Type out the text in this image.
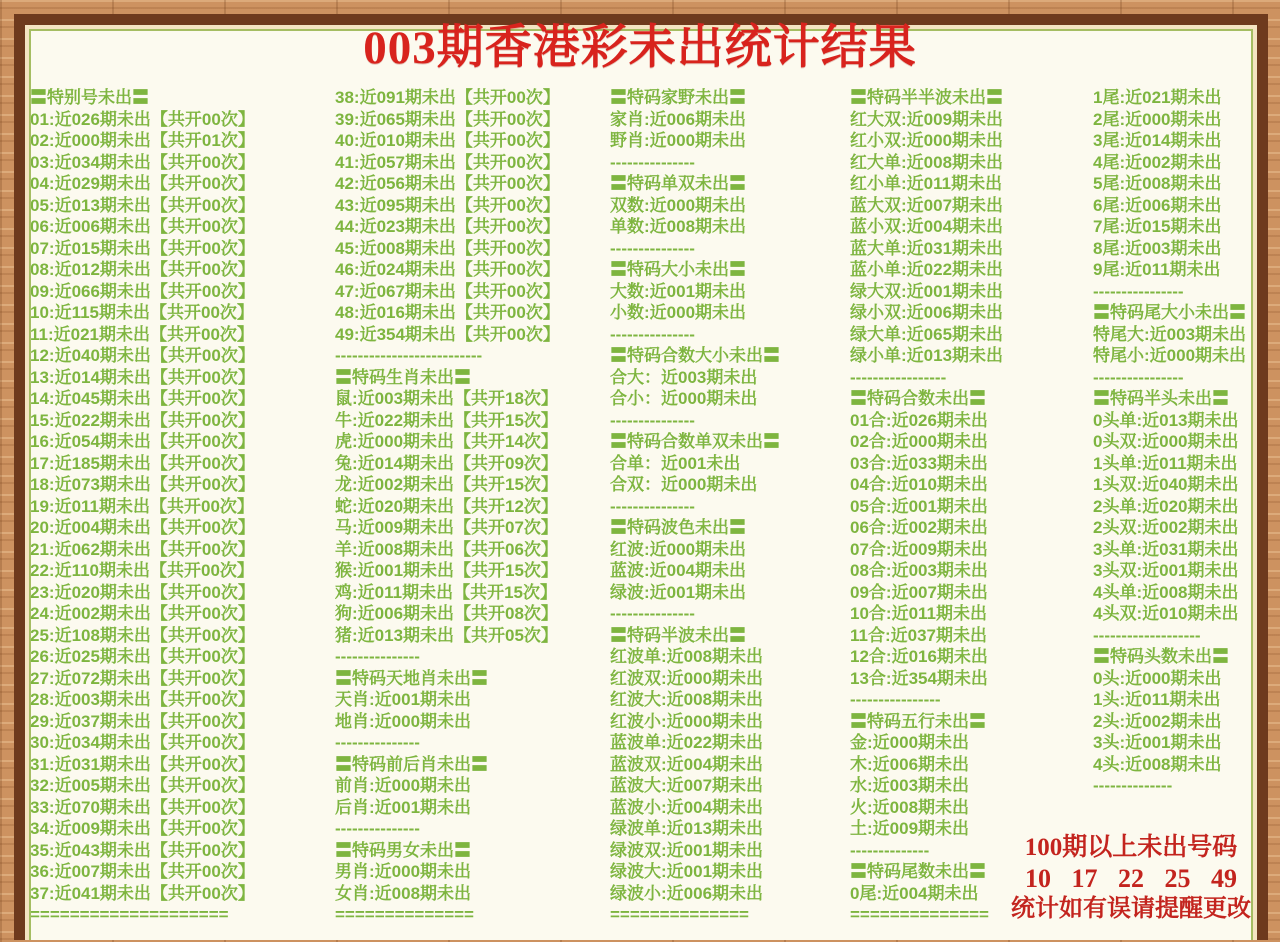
003期香港彩未出统计结果
〓特别号未出〓
01:近026期未出【共开00次】
02:近000期未出【共开01次】
03:近034期未出【共开00次】
04:近029期未出【共开00次】
05:近013期未出【共开00次】
06:近006期未出【共开00次】
07:近015期未出【共开00次】
08:近012期未出【共开00次】
09:近066期未出【共开00次】
10:近115期未出【共开00次】
11:近021期未出【共开00次】
12:近040期未出【共开00次】
13:近014期未出【共开00次】
14:近045期未出【共开00次】
15:近022期未出【共开00次】
16:近054期未出【共开00次】
17:近185期未出【共开00次】
18:近073期未出【共开00次】
19:近011期未出【共开00次】
20:近004期未出【共开00次】
21:近062期未出【共开00次】
22:近110期未出【共开00次】
23:近020期未出【共开00次】
24:近002期未出【共开00次】
25:近108期未出【共开00次】
26:近025期未出【共开00次】
27:近072期未出【共开00次】
28:近003期未出【共开00次】
29:近037期未出【共开00次】
30:近034期未出【共开00次】
31:近031期未出【共开00次】
32:近005期未出【共开00次】
33:近070期未出【共开00次】
34:近009期未出【共开00次】
35:近043期未出【共开00次】
36:近007期未出【共开00次】
37:近041期未出【共开00次】
====================
38:近091期未出【共开00次】
39:近065期未出【共开00次】
40:近010期未出【共开00次】
41:近057期未出【共开00次】
42:近056期未出【共开00次】
43:近095期未出【共开00次】
44:近023期未出【共开00次】
45:近008期未出【共开00次】
46:近024期未出【共开00次】
47:近067期未出【共开00次】
48:近016期未出【共开00次】
49:近354期未出【共开00次】
--------------------------
〓特码生肖未出〓
鼠:近003期未出【共开18次】
牛:近022期未出【共开15次】
虎:近000期未出【共开14次】
兔:近014期未出【共开09次】
龙:近002期未出【共开15次】
蛇:近020期未出【共开12次】
马:近009期未出【共开07次】
羊:近008期未出【共开06次】
猴:近001期未出【共开15次】
鸡:近011期未出【共开15次】
狗:近006期未出【共开08次】
猪:近013期未出【共开05次】
---------------
〓特码天地肖未出〓
天肖:近001期未出
地肖:近000期未出
---------------
〓特码前后肖未出〓
前肖:近000期未出
后肖:近001期未出
---------------
〓特码男女未出〓
男肖:近000期未出
女肖:近008期未出
==============
〓特码家野未出〓
家肖:近006期未出
野肖:近000期未出
---------------
〓特码单双未出〓
双数:近000期未出
单数:近008期未出
---------------
〓特码大小未出〓
大数:近001期未出
小数:近000期未出
---------------
〓特码合数大小未出〓
合大：近003期未出
合小：近000期未出
---------------
〓特码合数单双未出〓
合单：近001未出
合双：近000期未出
---------------
〓特码波色未出〓
红波:近000期未出
蓝波:近004期未出
绿波:近001期未出
---------------
〓特码半波未出〓
红波单:近008期未出
红波双:近000期未出
红波大:近008期未出
红波小:近000期未出
蓝波单:近022期未出
蓝波双:近004期未出
蓝波大:近007期未出
蓝波小:近004期未出
绿波单:近013期未出
绿波双:近001期未出
绿波大:近001期未出
绿波小:近006期未出
==============
〓特码半半波未出〓
红大双:近009期未出
红小双:近000期未出
红大单:近008期未出
红小单:近011期未出
蓝大双:近007期未出
蓝小双:近004期未出
蓝大单:近031期未出
蓝小单:近022期未出
绿大双:近001期未出
绿小双:近006期未出
绿大单:近065期未出
绿小单:近013期未出
-----------------
〓特码合数未出〓
01合:近026期未出
02合:近000期未出
03合:近033期未出
04合:近010期未出
05合:近001期未出
06合:近002期未出
07合:近009期未出
08合:近003期未出
09合:近007期未出
10合:近011期未出
11合:近037期未出
12合:近016期未出
13合:近354期未出
----------------
〓特码五行未出〓
金:近000期未出
木:近006期未出
水:近003期未出
火:近008期未出
土:近009期未出
--------------
〓特码尾数未出〓
0尾:近004期未出
==============
1尾:近021期未出
2尾:近000期未出
3尾:近014期未出
4尾:近002期未出
5尾:近008期未出
6尾:近006期未出
7尾:近015期未出
8尾:近003期未出
9尾:近011期未出
----------------
〓特码尾大小未出〓
特尾大:近003期未出
特尾小:近000期未出
----------------
〓特码半头未出〓
0头单:近013期未出
0头双:近000期未出
1头单:近011期未出
1头双:近040期未出
2头单:近020期未出
2头双:近002期未出
3头单:近031期未出
3头双:近001期未出
4头单:近008期未出
4头双:近010期未出
-------------------
〓特码头数未出〓
0头:近000期未出
1头:近011期未出
2头:近002期未出
3头:近001期未出
4头:近008期未出
--------------
100期以上未出号码
10 17 22 25 49
统计如有误请提醒更改
